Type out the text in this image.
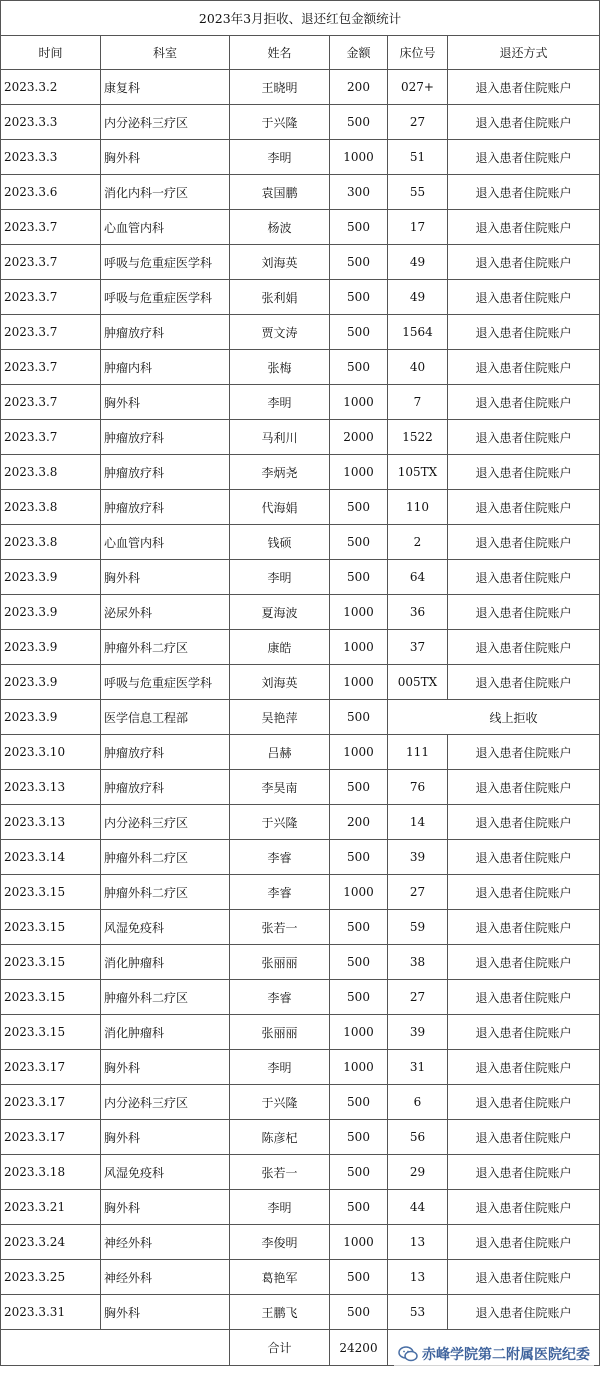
2023年3月拒收、退还红包金额统计					
时间	科室	姓名	金额	床位号	退还方式
2023.3.2	康复科	王晓明	200	027+	退入患者住院账户
2023.3.3	内分泌科三疗区	于兴隆	500	27	退入患者住院账户
2023.3.3	胸外科	李明	1000	51	退入患者住院账户
2023.3.6	消化内科一疗区	袁国鹏	300	55	退入患者住院账户
2023.3.7	心血管内科	杨波	500	17	退入患者住院账户
2023.3.7	呼吸与危重症医学科	刘海英	500	49	退入患者住院账户
2023.3.7	呼吸与危重症医学科	张利娟	500	49	退入患者住院账户
2023.3.7	肿瘤放疗科	贾文涛	500	1564	退入患者住院账户
2023.3.7	肿瘤内科	张梅	500	40	退入患者住院账户
2023.3.7	胸外科	李明	1000	7	退入患者住院账户
2023.3.7	肿瘤放疗科	马利川	2000	1522	退入患者住院账户
2023.3.8	肿瘤放疗科	李炳尧	1000	105TX	退入患者住院账户
2023.3.8	肿瘤放疗科	代海娟	500	110	退入患者住院账户
2023.3.8	心血管内科	钱硕	500	2	退入患者住院账户
2023.3.9	胸外科	李明	500	64	退入患者住院账户
2023.3.9	泌尿外科	夏海波	1000	36	退入患者住院账户
2023.3.9	肿瘤外科二疗区	康皓	1000	37	退入患者住院账户
2023.3.9	呼吸与危重症医学科	刘海英	1000	005TX	退入患者住院账户
2023.3.9	医学信息工程部	吴艳萍	500	线上拒收	
2023.3.10	肿瘤放疗科	吕赫	1000	111	退入患者住院账户
2023.3.13	肿瘤放疗科	李昊南	500	76	退入患者住院账户
2023.3.13	内分泌科三疗区	于兴隆	200	14	退入患者住院账户
2023.3.14	肿瘤外科二疗区	李睿	500	39	退入患者住院账户
2023.3.15	肿瘤外科二疗区	李睿	1000	27	退入患者住院账户
2023.3.15	风湿免疫科	张若一	500	59	退入患者住院账户
2023.3.15	消化肿瘤科	张丽丽	500	38	退入患者住院账户
2023.3.15	肿瘤外科二疗区	李睿	500	27	退入患者住院账户
2023.3.15	消化肿瘤科	张丽丽	1000	39	退入患者住院账户
2023.3.17	胸外科	李明	1000	31	退入患者住院账户
2023.3.17	内分泌科三疗区	于兴隆	500	6	退入患者住院账户
2023.3.17	胸外科	陈彦杞	500	56	退入患者住院账户
2023.3.18	风湿免疫科	张若一	500	29	退入患者住院账户
2023.3.21	胸外科	李明	500	44	退入患者住院账户
2023.3.24	神经外科	李俊明	1000	13	退入患者住院账户
2023.3.25	神经外科	葛艳军	500	13	退入患者住院账户
2023.3.31	胸外科	王鹏飞	500	53	退入患者住院账户
		合计	24200			赤峰学院第二附属医院纪委
